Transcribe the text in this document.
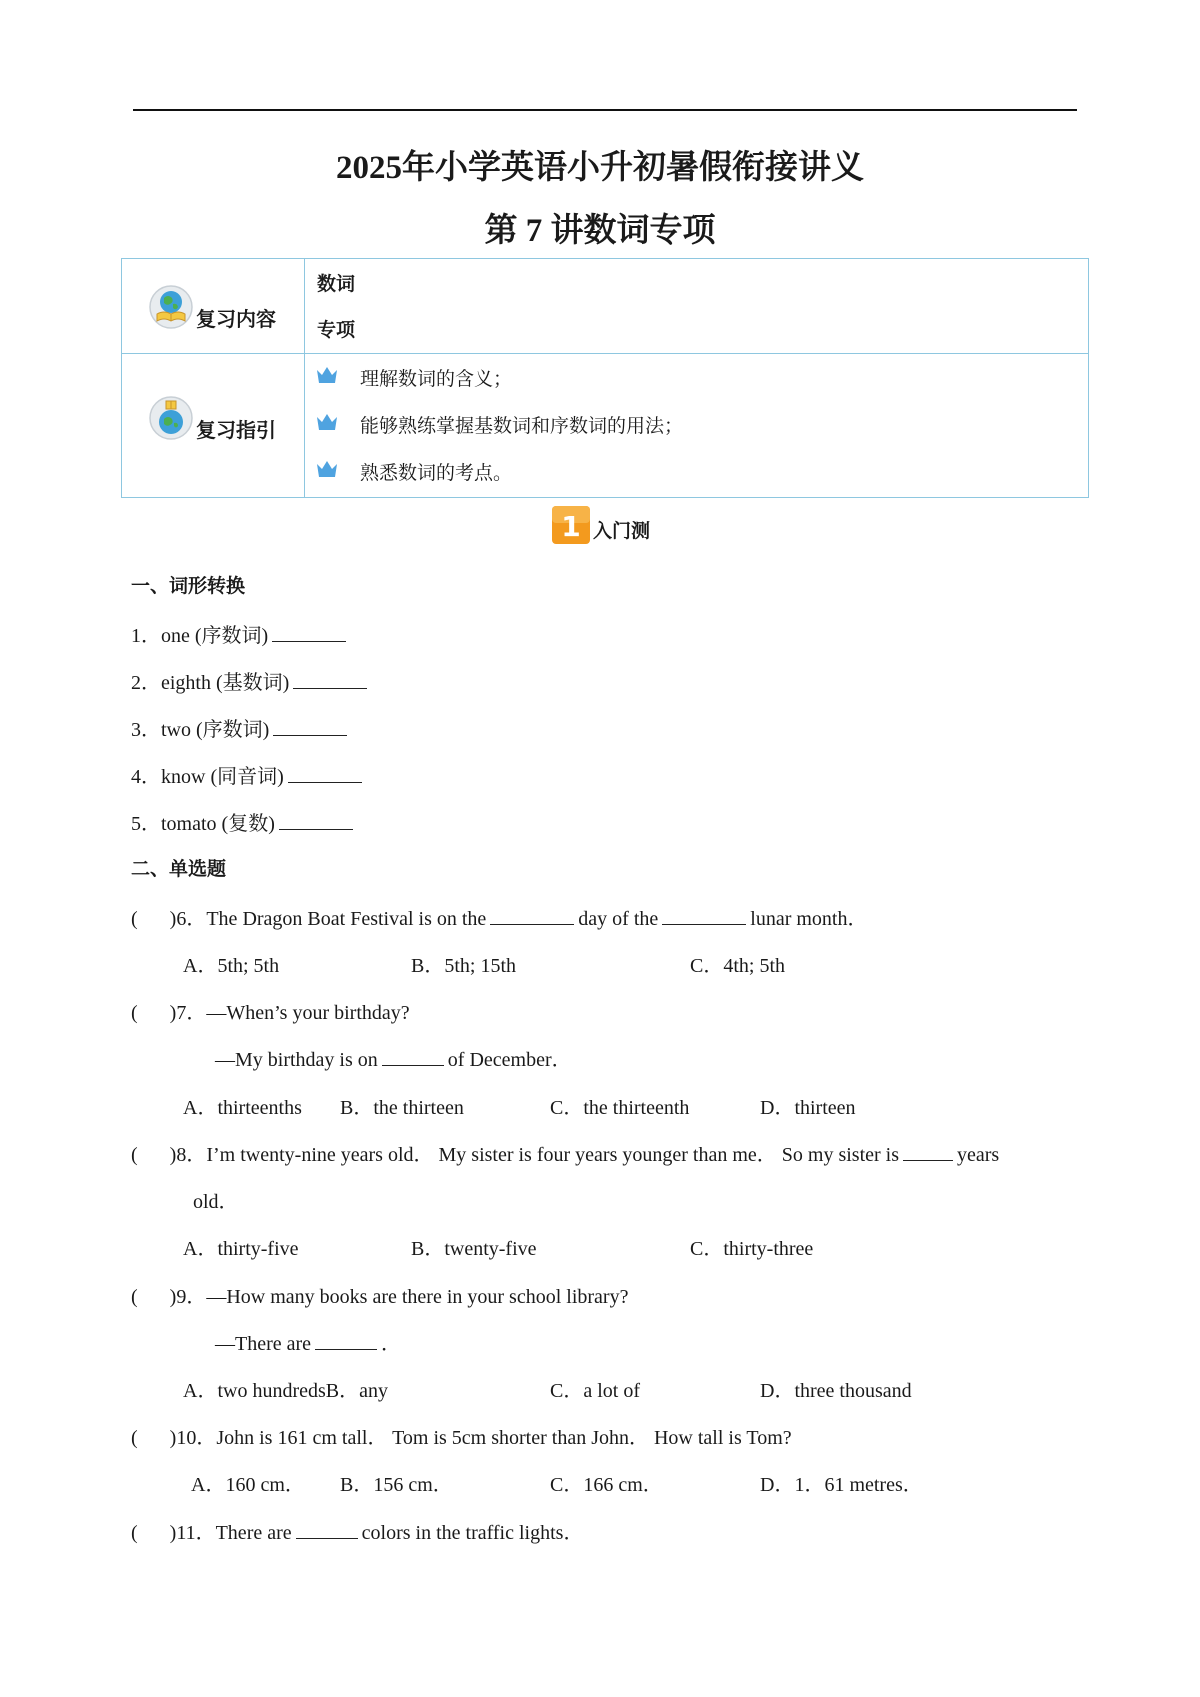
2025年小学英语小升初暑假衔接讲义
第 7 讲数词专项
复习内容	数词
专项

复习指引	理解数词的含义；
能够熟练掌握基数词和序数词的用法；
熟悉数词的考点。
1 入门测
一、词形转换
1．one (序数词)
2．eighth (基数词)
3．two (序数词)
4．know (同音词)
5．tomato (复数)
二、单选题
( )6．The Dragon Boat Festival is on the	day of the	lunar month．
A．5th; 5th	B．5th; 15th	C．4th; 5th
( )7．—When’s your birthday?
—My birthday is on	of December．
A．thirteenths B．the thirteen	C．the thirteenth	D．thirteen
( )8．I’m twenty-nine years old． My sister is four years younger than me． So my sister is	years
old．
A．thirty-five	B．twenty-five	C．thirty-three
( )9．—How many books are there in your school library?
—There are	．
A．two hundredsB．any	C．a lot of	D．three thousand
( )10．John is 161 cm tall． Tom is 5cm shorter than John． How tall is Tom?
A．160 cm． B．156 cm．	C．166 cm．	D．1．61 metres．
( )11．There are	colors in the traffic lights．
